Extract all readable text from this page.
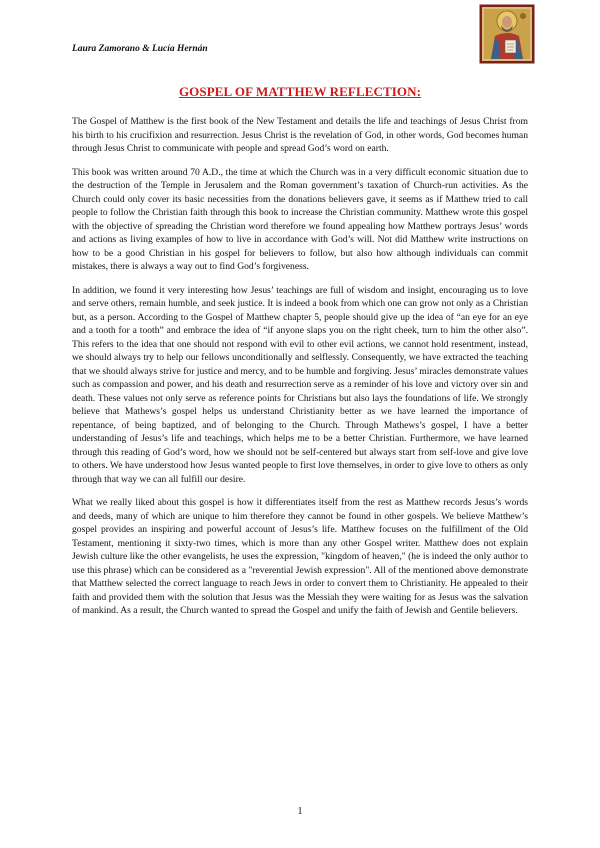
Laura Zamorano & Lucía Hernán
GOSPEL OF MATTHEW REFLECTION:

The Gospel of Matthew is the first book of the New Testament and details the life and teachings of Jesus Christ from his birth to his crucifixion and resurrection. Jesus Christ is the revelation of God, in other words, God becomes human through Jesus Christ to communicate with people and spread God’s word on earth.

This book was written around 70 A.D., the time at which the Church was in a very difficult economic situation due to the destruction of the Temple in Jerusalem and the Roman government’s taxation of Church-run activities. As the Church could only cover its basic necessities from the donations believers gave, it seems as if Matthew tried to call people to follow the Christian faith through this book to increase the Christian community. Matthew wrote this gospel with the objective of spreading the Christian word therefore we found appealing how Matthew portrays Jesus’ words and actions as living examples of how to live in accordance with God’s will. Not did Matthew write instructions on how to be a good Christian in his gospel for believers to follow, but also how although individuals can commit mistakes, there is always a way out to find God’s forgiveness.

In addition, we found it very interesting how Jesus’ teachings are full of wisdom and insight, encouraging us to love and serve others, remain humble, and seek justice. It is indeed a book from which one can grow not only as a Christian but, as a person. According to the Gospel of Matthew chapter 5, people should give up the idea of “an eye for an eye and a tooth for a tooth” and embrace the idea of “if anyone slaps you on the right cheek, turn to him the other also”. This refers to the idea that one should not respond with evil to other evil actions, we cannot hold resentment, instead, we should always try to help our fellows unconditionally and selflessly. Consequently, we have extracted the teaching that we should always strive for justice and mercy, and to be humble and forgiving. Jesus’ miracles demonstrate values such as compassion and power, and his death and resurrection serve as a reminder of his love and victory over sin and death. These values not only serve as reference points for Christians but also lays the foundations of life. We strongly believe that Mathews’s gospel helps us understand Christianity better as we have learned the importance of repentance, of being baptized, and of belonging to the Church. Through Mathews’s gospel, I have a better understanding of Jesus’s life and teachings, which helps me to be a better Christian. Furthermore, we have learned through this reading of God’s word, how we should not be self-centered but always start from self-love and give love to others. We have understood how Jesus wanted people to first love themselves, in order to give love to others as only through that way we can all fulfill our desire.

What we really liked about this gospel is how it differentiates itself from the rest as Matthew records Jesus’s words and deeds, many of which are unique to him therefore they cannot be found in other gospels. We believe Matthew’s gospel provides an inspiring and powerful account of Jesus’s life. Matthew focuses on the fulfillment of the Old Testament, mentioning it sixty-two times, which is more than any other Gospel writer. Matthew does not explain Jewish culture like the other evangelists, he uses the expression, "kingdom of heaven," (he is indeed the only author to use this phrase) which can be considered as a "reverential Jewish expression". All of the mentioned above demonstrate that Matthew selected the correct language to reach Jews in order to convert them to Christianity. He appealed to their faith and provided them with the solution that Jesus was the Messiah they were waiting for as Jesus was the salvation of mankind. As a result, the Church wanted to spread the Gospel and unify the faith of Jewish and Gentile believers.

1
